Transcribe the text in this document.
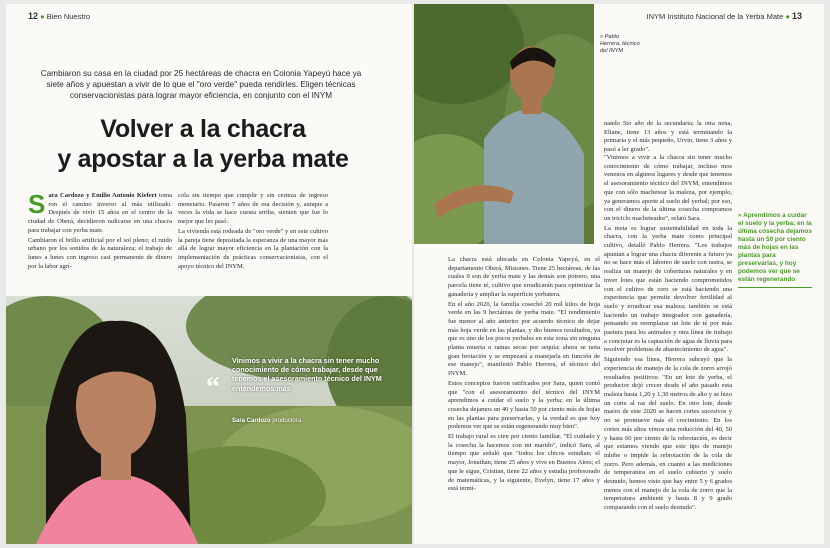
12 ● Bien Nuestro
Cambiaron su casa en la ciudad por 25 hectáreas de chacra en Colonia Yapeyú hace ya siete años y apuestan a vivir de lo que el "oro verde" pueda rendirles. Eligen técnicas conservacionistas para lograr mayor eficiencia, en conjunto con el INYM
Volver a la chacra
y apostar a la yerba mate

S ara Cardozo y Emilio Antonio Kiefert toma ron el camino inverso al más utilizado. Después de vivir 15 años en el centro de la ciudad de Oberá, decidieron radicarse en una chacra para trabajar con yerba mate.

Cambiaron el brillo artificial por el sol pleno; el ruido urbano por los sonidos de la naturaleza; el trabajo de lunes a lunes con ingreso casi permanente de dinero por la labor agrí-

cola sin tiempo que cumplir y sin certeza de ingreso monetario. Pasaron 7 años de esa decisión y, aunque a veces la vida se hace cuesta arriba, sienten que fue lo mejor que les pasó.

La vivienda está rodeada de "oro verde" y en este cultivo la pareja tiene depositada la esperanza de una mayor más allá de lograr mayor eficiencia en la plantación con la implementación de prácticas conservacionistas, con el apoyo técnico del INYM.

“
Vinimos a vivir a la chacra sin tener mucho conocimiento de cómo trabajar, desde que tenemos el asesoramiento técnico del INYM entendemos más
Sara Cardozo productora
INYM Instituto Nacional de la Yerba Mate ● 13
» Pablo Herrera, técnico del INYM
nando 5to año de la secundaria; la otra nena, Eliane, tiene 13 años y está terminando la primaria y el más pequeño, Urvin, tiene 3 años y pasó a ler grado".

La chacra está ubicada en Colonia Yapeyú, en el departamento Oberá, Misiones. Tiene 25 hectáreas, de las cuales 9 son de yerba mate y las demás son potrero, una parcela tiene té, cultivo que erradicarán para optimizar la ganadería y ampliar la superficie yerbatera.

En el año 2020, la familia cosechó 20 mil kilos de hoja verde en las 9 hectáreas de yerba mate. "El rendimiento fue menor al año anterior por acuerdo técnico de dejar más hoja verde en las plantas, y dio buenos resultados, ya que es uno de los pocos yerbales en esta zona sin ninguna planta muerta o ramas secas por sequía; ahora se nota gran brotación y se empezará a manejarla en función de ese manejo", manifestó Pablo Herrera, el técnico del INYM.

Estos conceptos fueron ratificados por Sara, quien contó que "con el asesoramiento del técnico del INYM aprendimos a cuidar el suelo y la yerba; en la última cosecha dejamos un 40 y hasta 50 por ciento más de hojas en las plantas para preservarlas, y la verdad es que hoy podemos ver que se están regenerando muy bien".

El trabajo rural es cien por ciento familiar. "El cuidado y la cosecha la hacemos con mi marido", indicó Sara, al tiempo que señaló que "todos los chicos estudian; el mayor, Jonathan, tiene 25 años y vive en Buenos Aires; el que le sigue, Cristian, tiene 22 años y estudia profesorado de matemáticas, y la siguiente, Evelyn, tiene 17 años y está termi-

"Vinimos a vivir a la chacra sin tener mucho conocimiento de cómo trabajar, incluso mos venenos en algunos lugares y desde que tenemos el asesoramiento técnico del INYM, entendimos que con sólo machetear la maleza, por ejemplo, ya generamos aporte al suelo del yerbal; por eso, con el dinero de la última cosecha compramos un triciclo macheteador", relató Sara.

La meta es lograr sustentabilidad en toda la chacra, con la yerba mate como principal cultivo, detalló Pablo Herrera. "Los trabajos apuntan a lograr una chacra diferente a futuro ya no se hace más el laboreo de suelo con rastra, se realiza un manejo de coberturas naturales y en inver lotes que están haciendo comprometidos con el cultivo de cero se está haciendo una experiencia que permite devolver fertilidad al suelo y erradicar esa maleza; también se está haciendo un trabajo integrador con ganadería, pensando en reemplazar un lote de té por más pastura para los animales y otra línea de trabajo a concretar es la captación de agua de lluvia para resolver problemas de abastecimiento de agua".

Siguiendo esa línea, Herrera subrayó que la experiencia de manejo de la cola de zorro arrojó resultados positivos: "En un lote de yerba, el productor dejó crecer desde el año pasado esta maleza hasta 1,20 y 1,30 metros de alto y se hizo un corte al ras del suelo. En otro lote, desde marzo de este 2020 se hacen cortes sucesivos y no se promueve más el crecimiento. En los cortes más altos vimos una reducción del 40, 50 y hasta 60 por ciento de la rebrotación, es decir que estamos viendo que este tipo de manejo inhibe o impide la rebrotación de la cola de zorro. Pero además, en cuanto a las mediciones de temperatura en el suelo cubierto y suelo desnudo, hemos visto que hay entre 5 y 6 grados menos con el manejo de la cola de zorro que la temperatura ambiente y hasta 8 y 9 grado comparando con el suelo desnudo".

» Aprendimos a cuidar el suelo y la yerba; en la última cosecha dejamos hasta un 50 por ciento más de hojas en las plantas para preservarlas, y hoy podemos ver que se están regenerando
